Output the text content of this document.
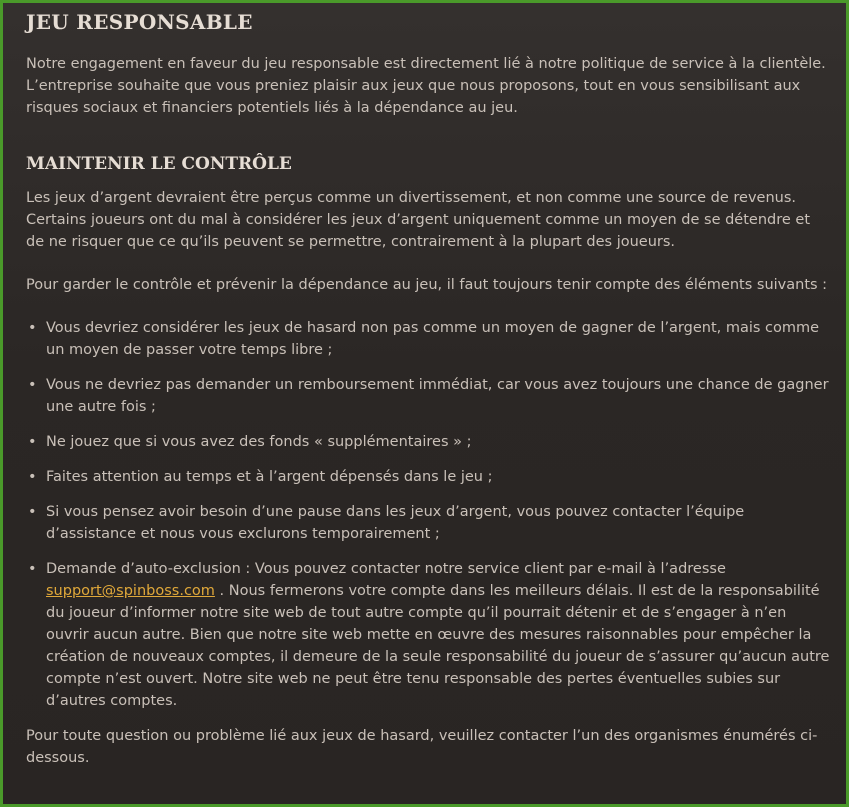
JEU RESPONSABLE

Notre engagement en faveur du jeu responsable est directement lié à notre politique de service à la clientèle. L’entreprise souhaite que vous preniez plaisir aux jeux que nous proposons, tout en vous sensibilisant aux risques sociaux et financiers potentiels liés à la dépendance au jeu.

MAINTENIR LE CONTRÔLE

Les jeux d’argent devraient être perçus comme un divertissement, et non comme une source de revenus. Certains joueurs ont du mal à considérer les jeux d’argent uniquement comme un moyen de se détendre et de ne risquer que ce qu’ils peuvent se permettre, contrairement à la plupart des joueurs.

Pour garder le contrôle et prévenir la dépendance au jeu, il faut toujours tenir compte des éléments suivants :

• Vous devriez considérer les jeux de hasard non pas comme un moyen de gagner de l’argent, mais comme un moyen de passer votre temps libre ;
• Vous ne devriez pas demander un remboursement immédiat, car vous avez toujours une chance de gagner une autre fois ;
• Ne jouez que si vous avez des fonds « supplémentaires » ;
• Faites attention au temps et à l’argent dépensés dans le jeu ;
• Si vous pensez avoir besoin d’une pause dans les jeux d’argent, vous pouvez contacter l’équipe d’assistance et nous vous exclurons temporairement ;
• Demande d’auto-exclusion : Vous pouvez contacter notre service client par e-mail à l’adresse
support@spinboss.com . Nous fermerons votre compte dans les meilleurs délais. Il est de la responsabilité du joueur d’informer notre site web de tout autre compte qu’il pourrait détenir et de s’engager à n’en ouvrir aucun autre. Bien que notre site web mette en œuvre des mesures raisonnables pour empêcher la création de nouveaux comptes, il demeure de la seule responsabilité du joueur de s’assurer qu’aucun autre compte n’est ouvert. Notre site web ne peut être tenu responsable des pertes éventuelles subies sur d’autres comptes.

Pour toute question ou problème lié aux jeux de hasard, veuillez contacter l’un des organismes énumérés ci-dessous.
